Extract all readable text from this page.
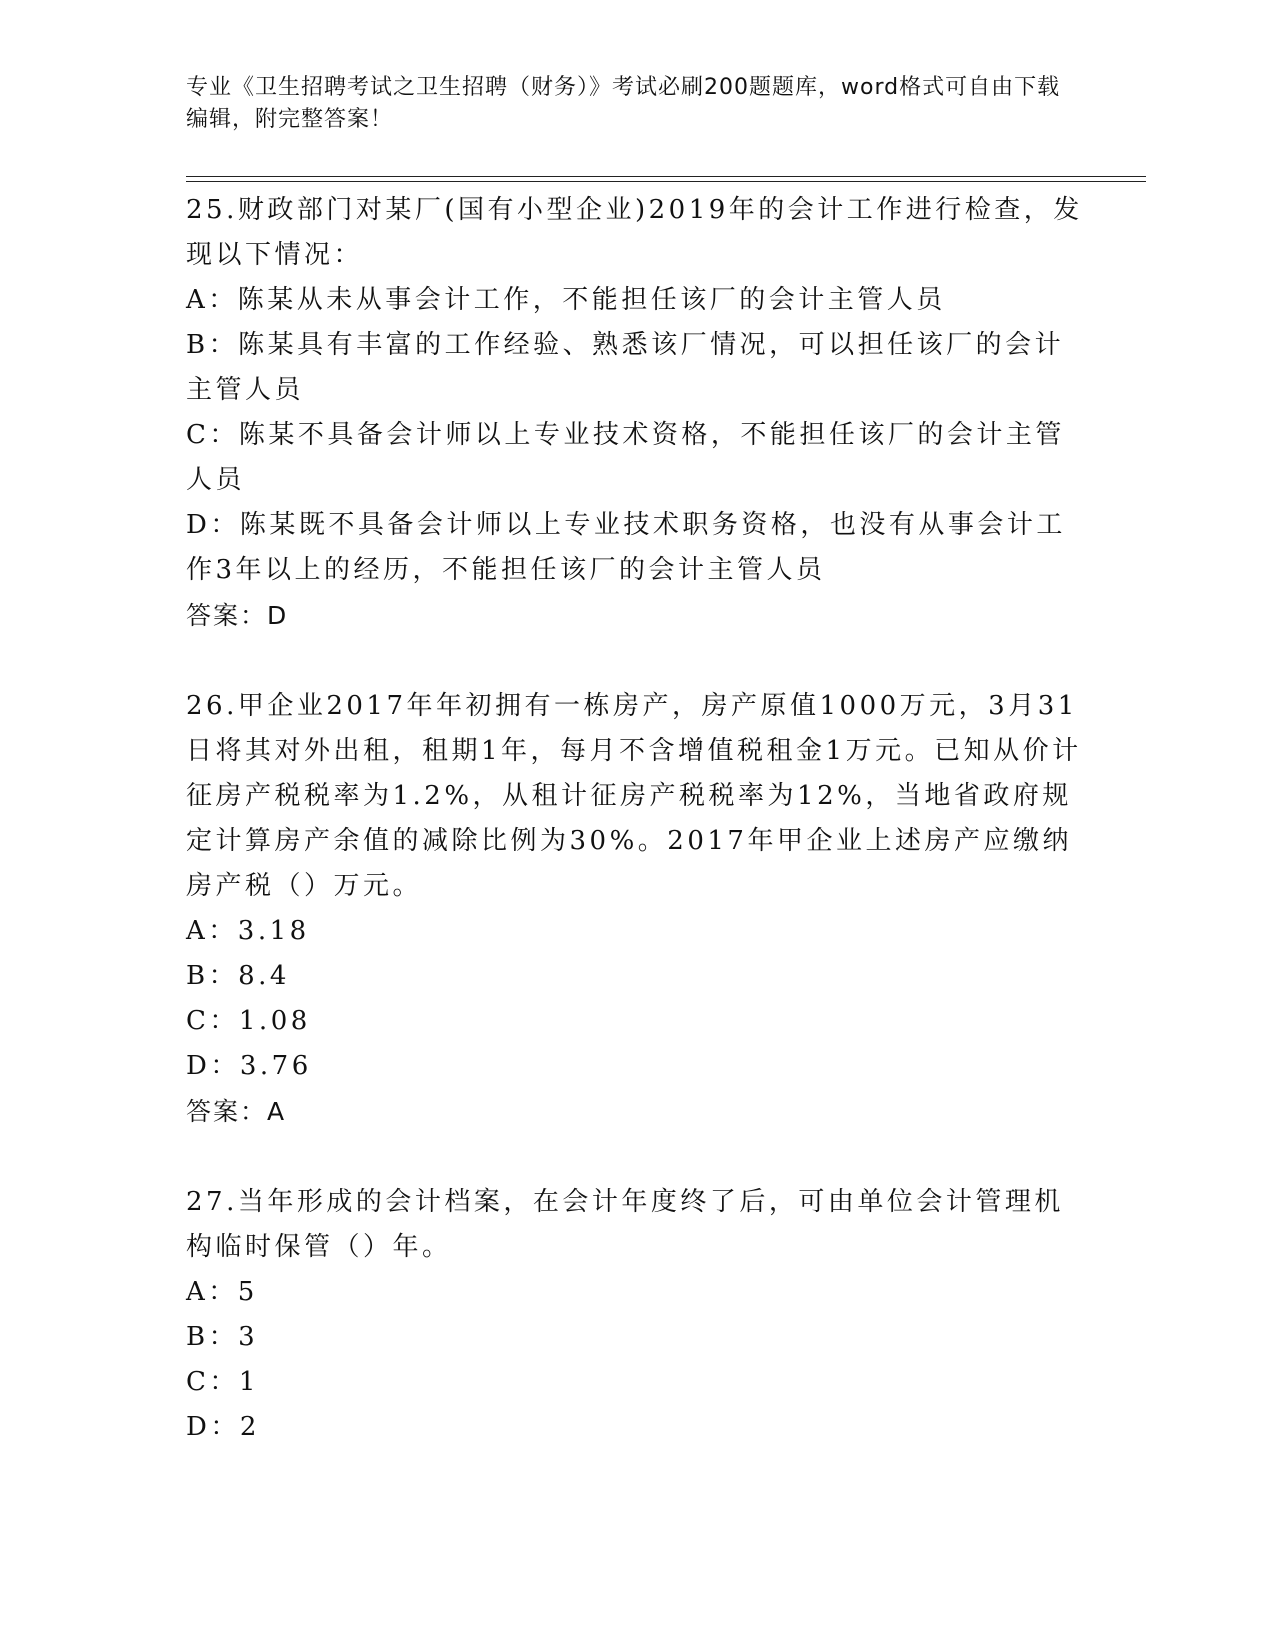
专业《卫生招聘考试之卫生招聘（财务）》考试必刷200题题库，word格式可自由下载编辑，附完整答案！

25.财政部门对某厂(国有小型企业)2019年的会计工作进行检查，发现以下情况：

A：陈某从未从事会计工作，不能担任该厂的会计主管人员

B：陈某具有丰富的工作经验、熟悉该厂情况，可以担任该厂的会计主管人员

C：陈某不具备会计师以上专业技术资格，不能担任该厂的会计主管人员

D：陈某既不具备会计师以上专业技术职务资格，也没有从事会计工作3年以上的经历，不能担任该厂的会计主管人员

答案：D

26.甲企业2017年年初拥有一栋房产，房产原值1000万元，3月31日将其对外出租，租期1年，每月不含增值税租金1万元。已知从价计征房产税税率为1.2%，从租计征房产税税率为12%，当地省政府规定计算房产余值的减除比例为30%。2017年甲企业上述房产应缴纳房产税（）万元。

A：3.18

B：8.4

C：1.08

D：3.76

答案：A

27.当年形成的会计档案，在会计年度终了后，可由单位会计管理机构临时保管（）年。

A：5

B：3

C：1

D：2
